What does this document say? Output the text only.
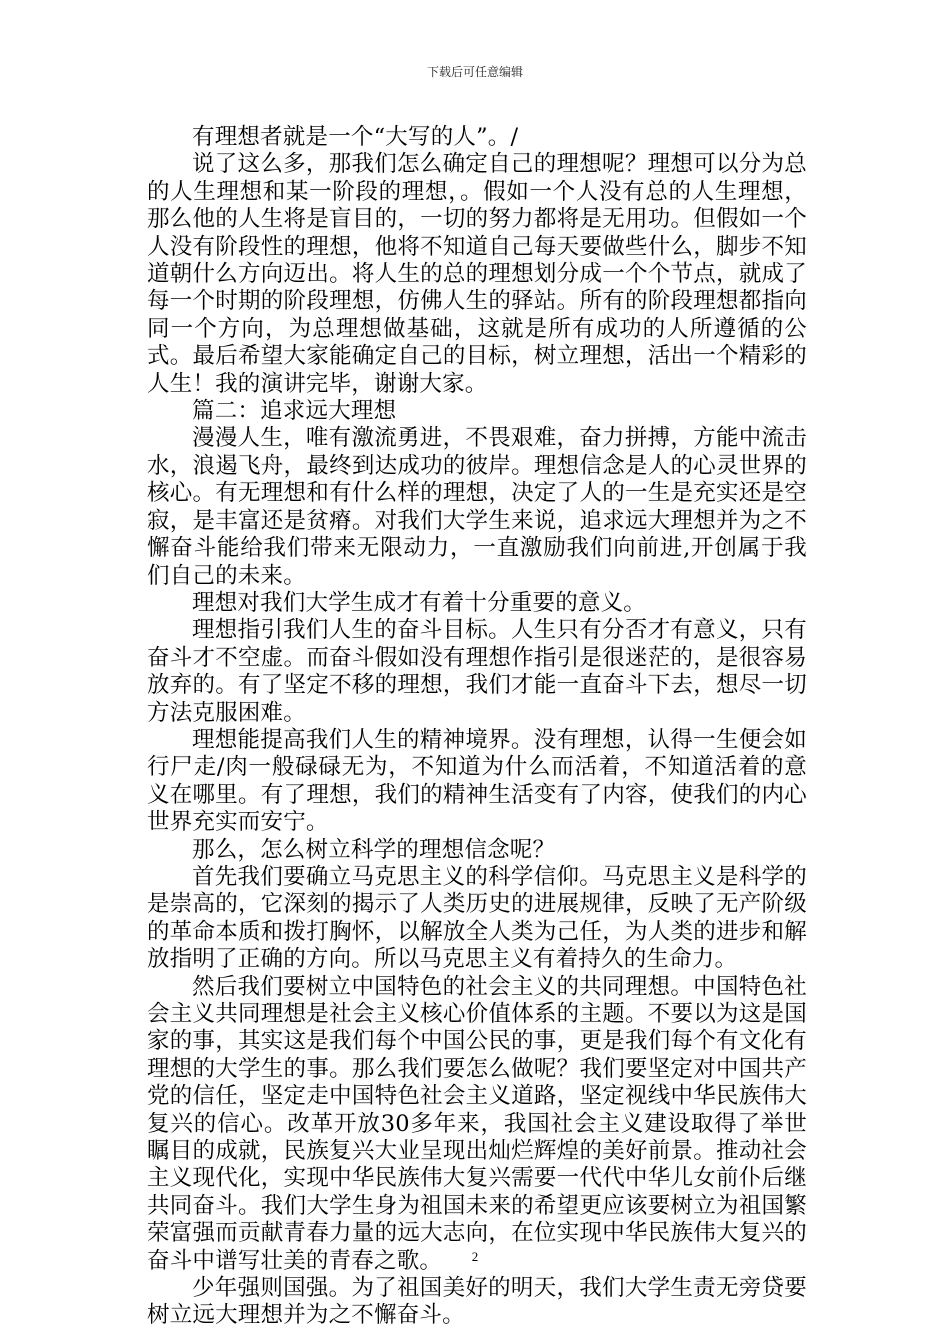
下载后可任意编辑

有理想者就是一个“大写的人”。/

说了这么多，那我们怎么确定自己的理想呢？理想可以分为总的人生理想和某一阶段的理想，。假如一个人没有总的人生理想，那么他的人生将是盲目的，一切的努力都将是无用功。但假如一个人没有阶段性的理想，他将不知道自己每天要做些什么，脚步不知道朝什么方向迈出。将人生的总的理想划分成一个个节点，就成了每一个时期的阶段理想，仿佛人生的驿站。所有的阶段理想都指向同一个方向，为总理想做基础，这就是所有成功的人所遵循的公式。最后希望大家能确定自己的目标，树立理想，活出一个精彩的人生！我的演讲完毕，谢谢大家。

篇二：追求远大理想

漫漫人生，唯有激流勇进，不畏艰难，奋力拼搏，方能中流击水，浪遏飞舟，最终到达成功的彼岸。理想信念是人的心灵世界的核心。有无理想和有什么样的理想，决定了人的一生是充实还是空寂，是丰富还是贫瘠。对我们大学生来说，追求远大理想并为之不懈奋斗能给我们带来无限动力，一直激励我们向前进,开创属于我们自己的未来。

理想对我们大学生成才有着十分重要的意义。

理想指引我们人生的奋斗目标。人生只有分否才有意义，只有奋斗才不空虚。而奋斗假如没有理想作指引是很迷茫的，是很容易放弃的。有了坚定不移的理想，我们才能一直奋斗下去，想尽一切方法克服困难。

理想能提高我们人生的精神境界。没有理想，认得一生便会如行尸走/肉一般碌碌无为，不知道为什么而活着，不知道活着的意义在哪里。有了理想，我们的精神生活变有了内容，使我们的内心世界充实而安宁。

那么，怎么树立科学的理想信念呢？

首先我们要确立马克思主义的科学信仰。马克思主义是科学的是崇高的，它深刻的揭示了人类历史的进展规律，反映了无产阶级的革命本质和拨打胸怀，以解放全人类为己任，为人类的进步和解放指明了正确的方向。所以马克思主义有着持久的生命力。

然后我们要树立中国特色的社会主义的共同理想。中国特色社会主义共同理想是社会主义核心价值体系的主题。不要以为这是国家的事，其实这是我们每个中国公民的事，更是我们每个有文化有理想的大学生的事。那么我们要怎么做呢？我们要坚定对中国共产党的信任，坚定走中国特色社会主义道路，坚定视线中华民族伟大复兴的信心。改革开放30多年来，我国社会主义建设取得了举世瞩目的成就，民族复兴大业呈现出灿烂辉煌的美好前景。推动社会主义现代化，实现中华民族伟大复兴需要一代代中华儿女前仆后继共同奋斗。我们大学生身为祖国未来的希望更应该要树立为祖国繁荣富强而贡献青春力量的远大志向，在位实现中华民族伟大复兴的奋斗中谱写壮美的青春之歌。

少年强则国强。为了祖国美好的明天，我们大学生责无旁贷要树立远大理想并为之不懈奋斗。

2
